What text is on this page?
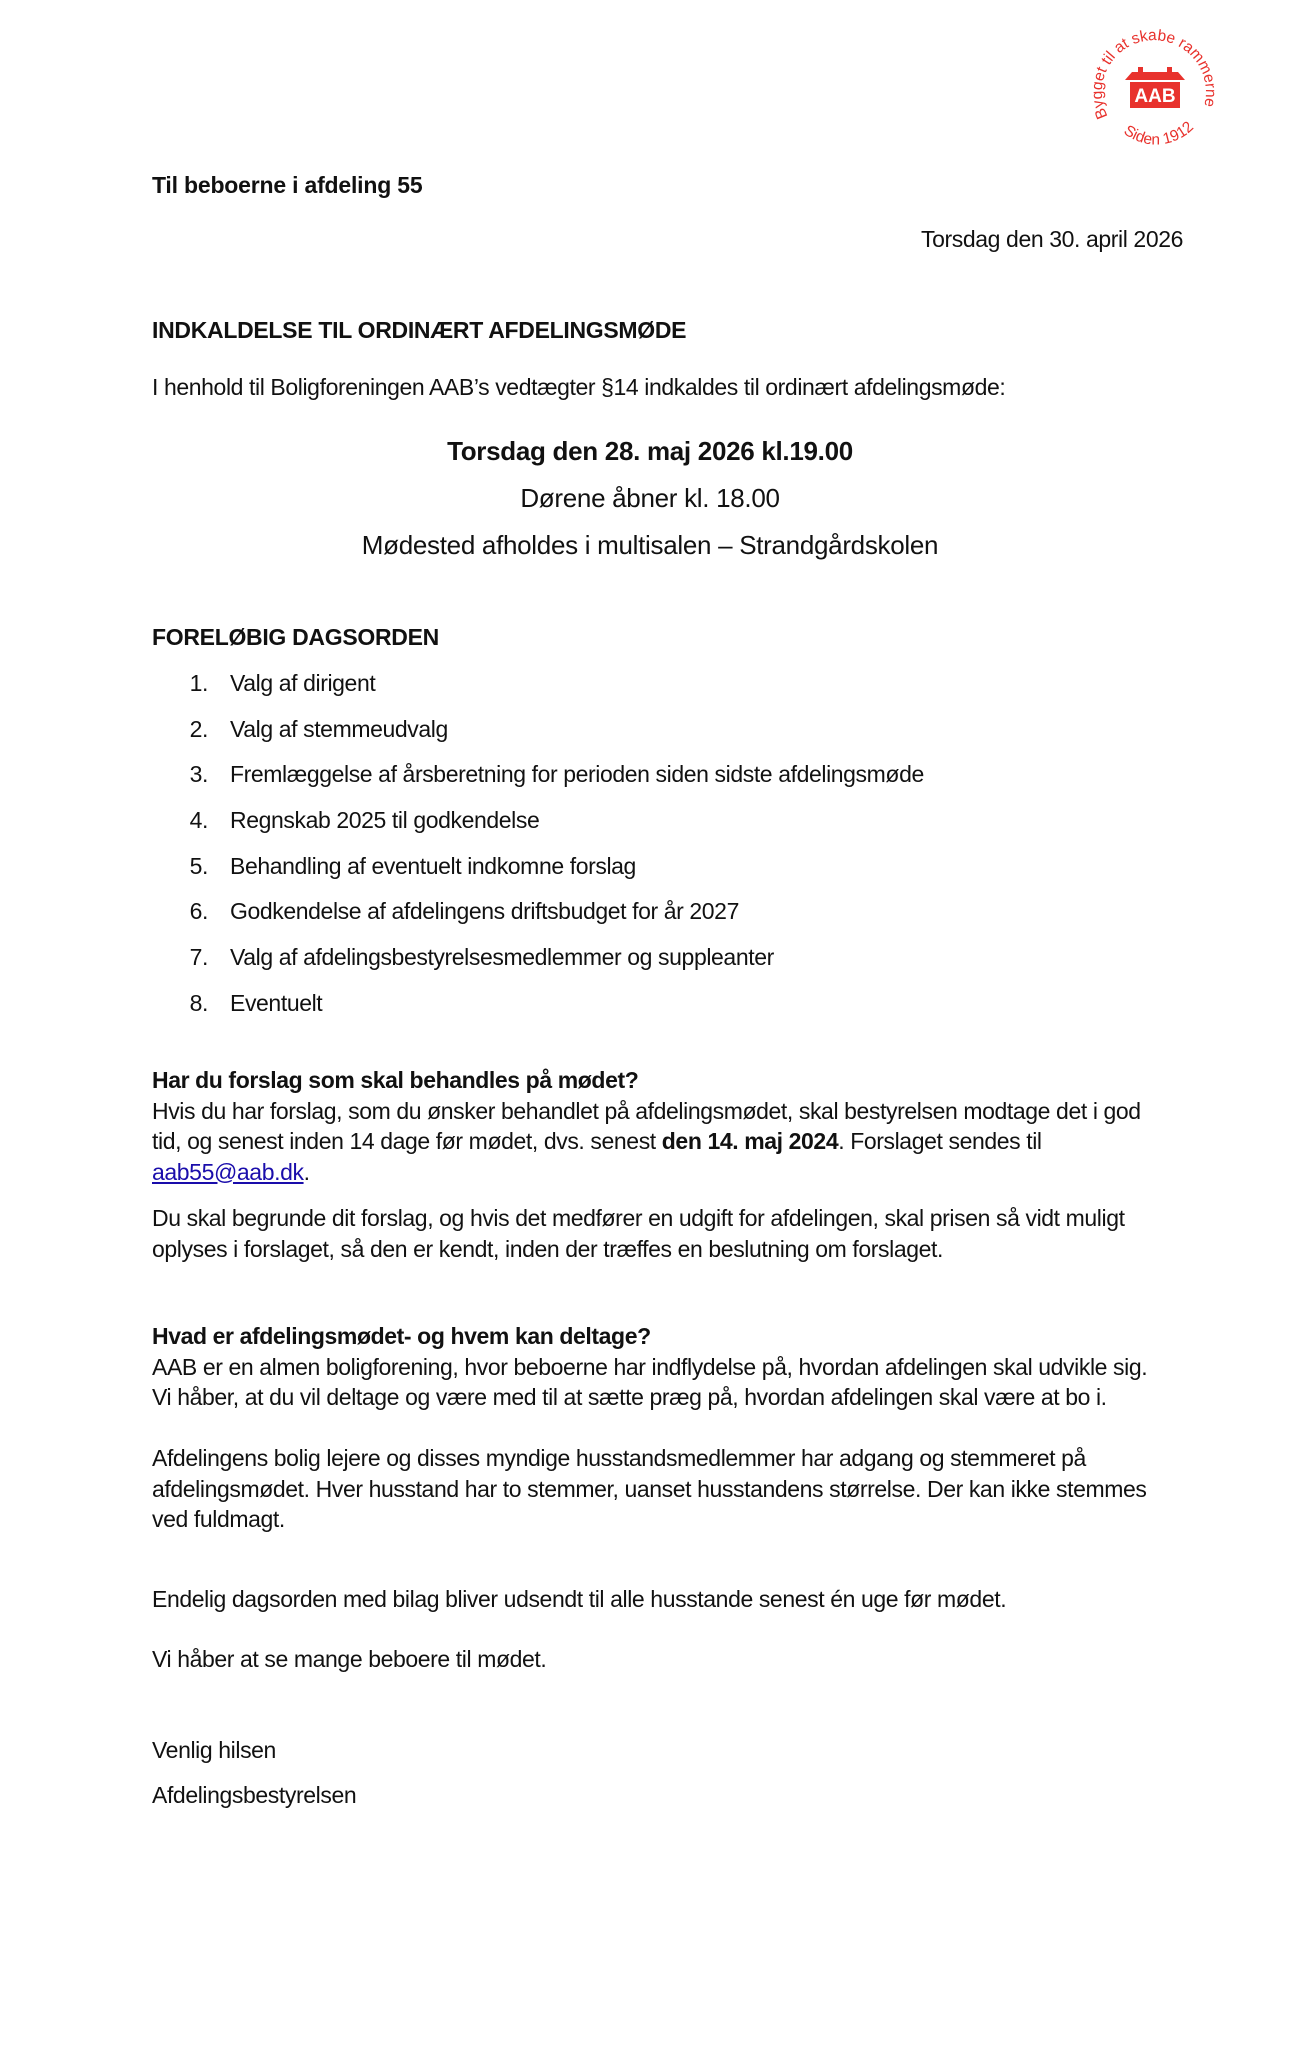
Bygget til at skabe rammerne
Siden 1912
AAB
Til beboerne i afdeling 55
Torsdag den 30. april 2026
INDKALDELSE TIL ORDINÆRT AFDELINGSMØDE
I henhold til Boligforeningen AAB’s vedtægter §14 indkaldes til ordinært afdelingsmøde:
Torsdag den 28. maj 2026 kl.19.00
Dørene åbner kl. 18.00
Mødested afholdes i multisalen – Strandgårdskolen
FORELØBIG DAGSORDEN
1. Valg af dirigent
2. Valg af stemmeudvalg
3. Fremlæggelse af årsberetning for perioden siden sidste afdelingsmøde
4. Regnskab 2025 til godkendelse
5. Behandling af eventuelt indkomne forslag
6. Godkendelse af afdelingens driftsbudget for år 2027
7. Valg af afdelingsbestyrelsesmedlemmer og suppleanter
8. Eventuelt

Har du forslag som skal behandles på mødet?

Hvis du har forslag, som du ønsker behandlet på afdelingsmødet, skal bestyrelsen modtage det i god tid, og senest inden 14 dage før mødet, dvs. senest den 14. maj 2024. Forslaget sendes til aab55@aab.dk.

Du skal begrunde dit forslag, og hvis det medfører en udgift for afdelingen, skal prisen så vidt muligt oplyses i forslaget, så den er kendt, inden der træffes en beslutning om forslaget.

Hvad er afdelingsmødet- og hvem kan deltage?

AAB er en almen boligforening, hvor beboerne har indflydelse på, hvordan afdelingen skal udvikle sig. Vi håber, at du vil deltage og være med til at sætte præg på, hvordan afdelingen skal være at bo i.

Afdelingens bolig lejere og disses myndige husstandsmedlemmer har adgang og stemmeret på afdelingsmødet. Hver husstand har to stemmer, uanset husstandens størrelse. Der kan ikke stemmes ved fuldmagt.
Endelig dagsorden med bilag bliver udsendt til alle husstande senest én uge før mødet.
Vi håber at se mange beboere til mødet.
Venlig hilsen
Afdelingsbestyrelsen
